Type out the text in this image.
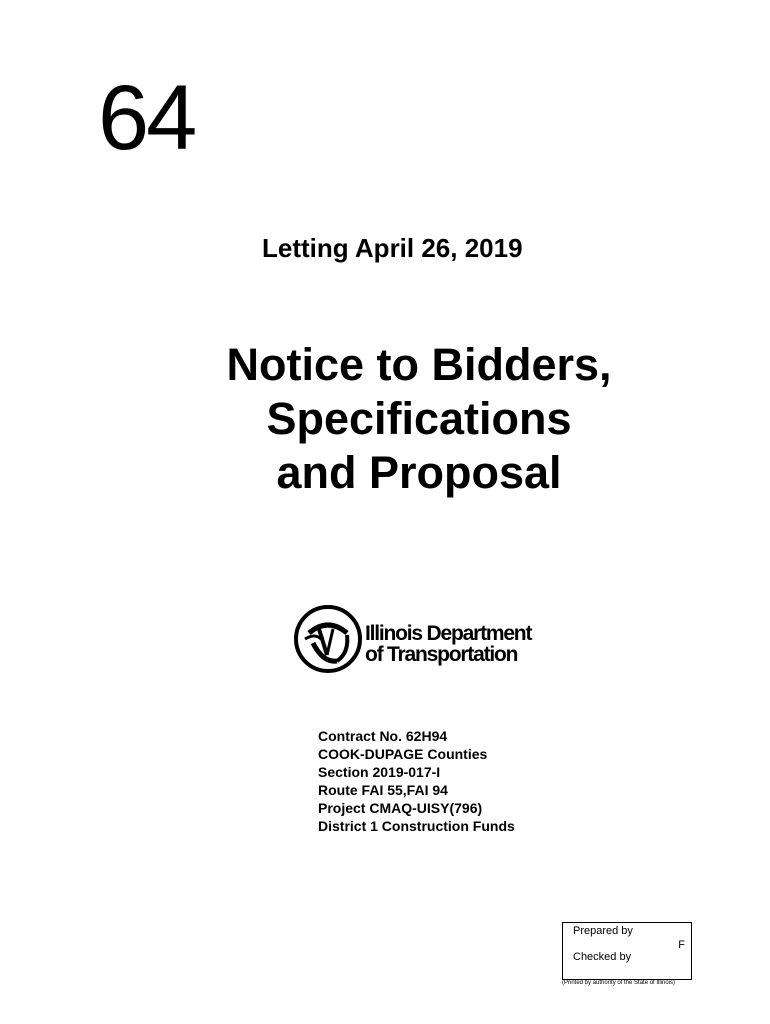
64
Letting April 26, 2019
Notice to Bidders,
Specifications
and Proposal
Illinois Department
of Transportation
Contract No. 62H94
COOK-DUPAGE Counties
Section 2019-017-I
Route FAI 55,FAI 94
Project CMAQ-UISY(796)
District 1 Construction Funds
Prepared by
F
Checked by
(Printed by authority of the State of Illinois)
